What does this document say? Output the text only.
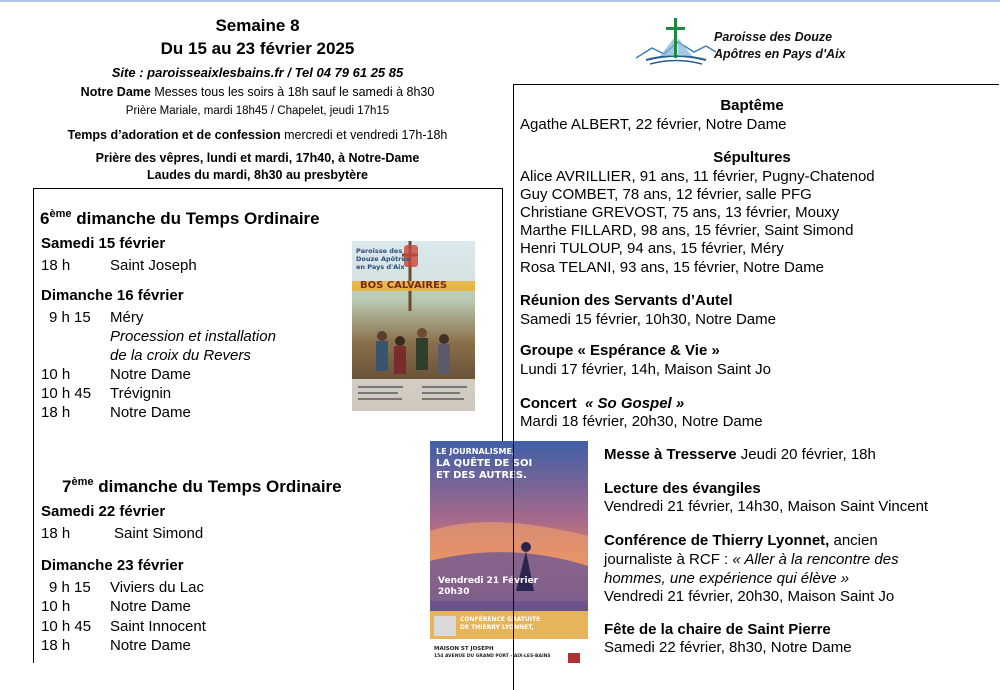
Semaine 8
Du 15 au 23 février 2025
Site : paroisseaixlesbains.fr / Tel 04 79 61 25 85
Notre Dame Messes tous les soirs à 18h sauf le samedi à 8h30
Prière Mariale, mardi 18h45 / Chapelet, jeudi 17h15
Temps d’adoration et de confession mercredi et vendredi 17h-18h
Prière des vêpres, lundi et mardi, 17h40, à Notre-Dame
Laudes du mardi, 8h30 au presbytère
Paroisse des Douze
Apôtres en Pays d'Aix
6ème dimanche du Temps Ordinaire
Samedi 15 février
18 h	Saint Joseph
Dimanche 16 février
9 h 15 Méry
Procession et installation
de la croix du Revers
10 h	Notre Dame
10 h 45 Trévignin
18 h	Notre Dame
7ème dimanche du Temps Ordinaire
Samedi 22 février
18 h	Saint Simond
Dimanche 23 février
9 h 15 Viviers du Lac
10 h	Notre Dame
10 h 45 Saint Innocent
18 h	Notre Dame
Paroisse des
Douze Apôtres
en Pays d'Aix
BOS CALVAIRES
LE JOURNALISME,
LA QUÊTE DE SOI
ET DES AUTRES.
Vendredi 21 Février
20h30
CONFÉRENCE GRATUITE
DE THIERRY LYONNET,
MAISON ST JOSEPH
154 AVENUE DU GRAND PORT - AIX-LES-BAINS
Baptême
Agathe ALBERT, 22 février, Notre Dame
Sépultures
Alice AVRILLIER, 91 ans, 11 février, Pugny-Chatenod
Guy COMBET, 78 ans, 12 février, salle PFG
Christiane GREVOST, 75 ans, 13 février, Mouxy
Marthe FILLARD, 98 ans, 15 février, Saint Simond
Henri TULOUP, 94 ans, 15 février, Méry
Rosa TELANI, 93 ans, 15 février, Notre Dame
Réunion des Servants d’Autel
Samedi 15 février, 10h30, Notre Dame
Groupe « Espérance & Vie »
Lundi 17 février, 14h, Maison Saint Jo
Concert « So Gospel »
Mardi 18 février, 20h30, Notre Dame
Messe à Tresserve Jeudi 20 février, 18h
Lecture des évangiles
Vendredi 21 février, 14h30, Maison Saint Vincent
Conférence de Thierry Lyonnet, ancien
journaliste à RCF : « Aller à la rencontre des
hommes, une expérience qui élève »
Vendredi 21 février, 20h30, Maison Saint Jo
Fête de la chaire de Saint Pierre
Samedi 22 février, 8h30, Notre Dame
